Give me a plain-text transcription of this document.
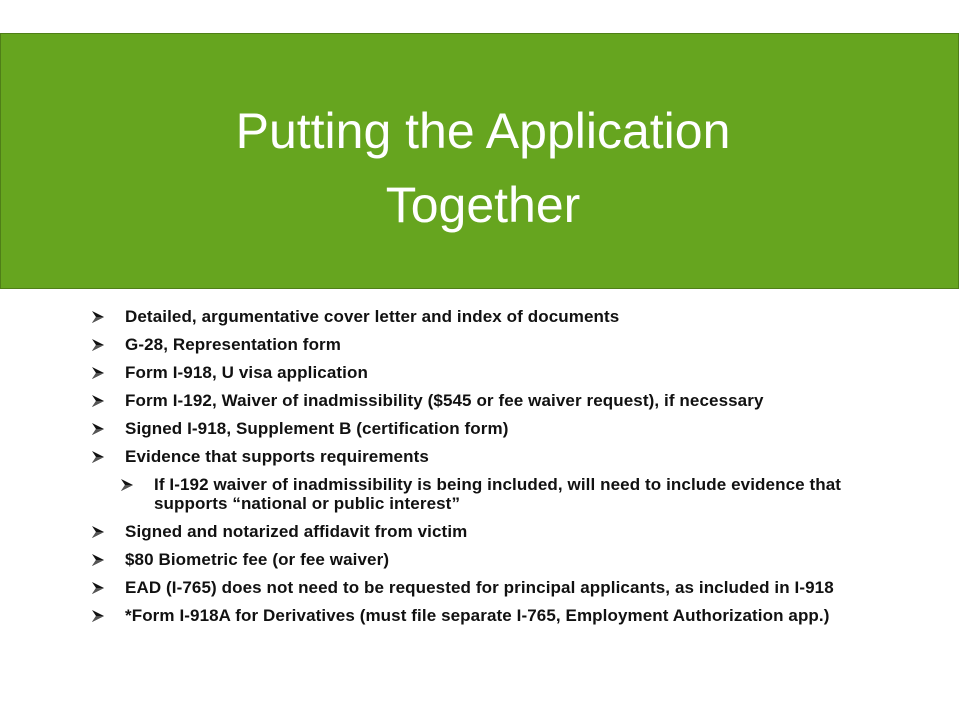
Putting the Application
Together
Detailed, argumentative cover letter and index of documents
G-28, Representation form
Form I-918, U visa application
Form I-192, Waiver of inadmissibility ($545 or fee waiver request), if necessary
Signed I-918, Supplement B (certification form)
Evidence that supports requirements
If I-192 waiver of inadmissibility is being included, will need to include evidence that supports “national or public interest”
Signed and notarized affidavit from victim
$80 Biometric fee (or fee waiver)
EAD (I-765) does not need to be requested for principal applicants, as included in I-918
*Form I-918A for Derivatives (must file separate I-765, Employment Authorization app.)
